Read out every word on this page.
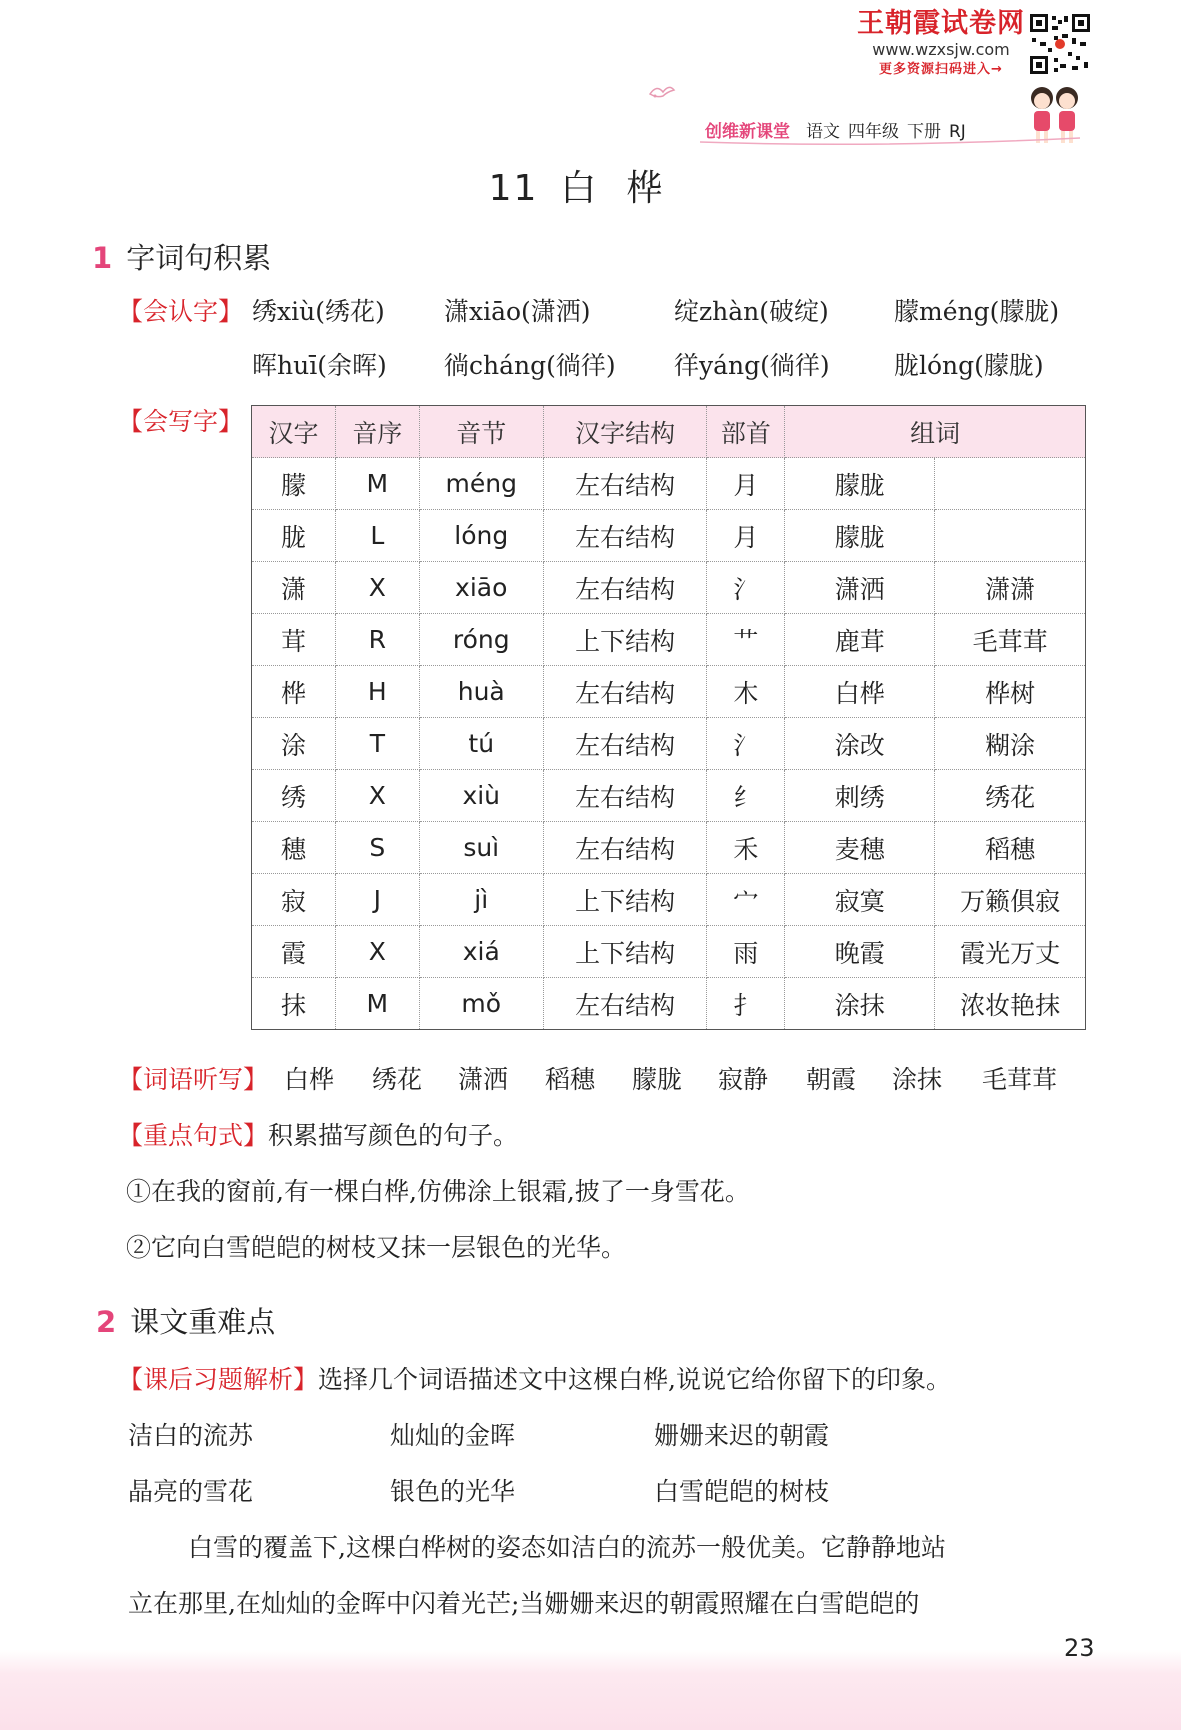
王朝霞试卷网
www.wzxsjw.com
更多资源扫码进入→
创维新课堂 语文 四年级 下册 RJ
11 白桦
1 字词句积累
【会认字】 绣xiù(绣花) 潇xiāo(潇洒)	绽zhàn(破绽)	朦méng(朦胧)
晖huī(余晖) 徜cháng(徜徉) 徉yáng(徜徉)	胧lóng(朦胧)
【会写字】 汉字	音序	音节	汉字结构	部首	组词	
朦	M	méng	左右结构	月	朦胧	
胧	L	lóng	左右结构	月	朦胧	
潇	X	xiāo	左右结构	氵	潇洒	潇潇
茸	R	róng	上下结构	艹	鹿茸	毛茸茸
桦	H	huà	左右结构	木	白桦	桦树
涂	T	tú	左右结构	氵	涂改	糊涂
绣	X	xiù	左右结构	纟	刺绣	绣花
穗	S	suì	左右结构	禾	麦穗	稻穗
寂	J	jì	上下结构	宀	寂寞	万籁俱寂
霞	X	xiá	上下结构	雨	晚霞	霞光万丈
抹	M	mǒ	左右结构	扌	涂抹	浓妆艳抹
【词语听写】 白桦 绣花 潇洒 稻穗 朦胧 寂静 朝霞 涂抹 毛茸茸
【重点句式】积累描写颜色的句子。
①在我的窗前,有一棵白桦,仿佛涂上银霜,披了一身雪花。
②它向白雪皑皑的树枝又抹一层银色的光华。
2 课文重难点
【课后习题解析】选择几个词语描述文中这棵白桦,说说它给你留下的印象。
洁白的流苏	灿灿的金晖	姗姗来迟的朝霞
晶亮的雪花	银色的光华	白雪皑皑的树枝
白雪的覆盖下,这棵白桦树的姿态如洁白的流苏一般优美。它静静地站
立在那里,在灿灿的金晖中闪着光芒;当姗姗来迟的朝霞照耀在白雪皑皑的
23
